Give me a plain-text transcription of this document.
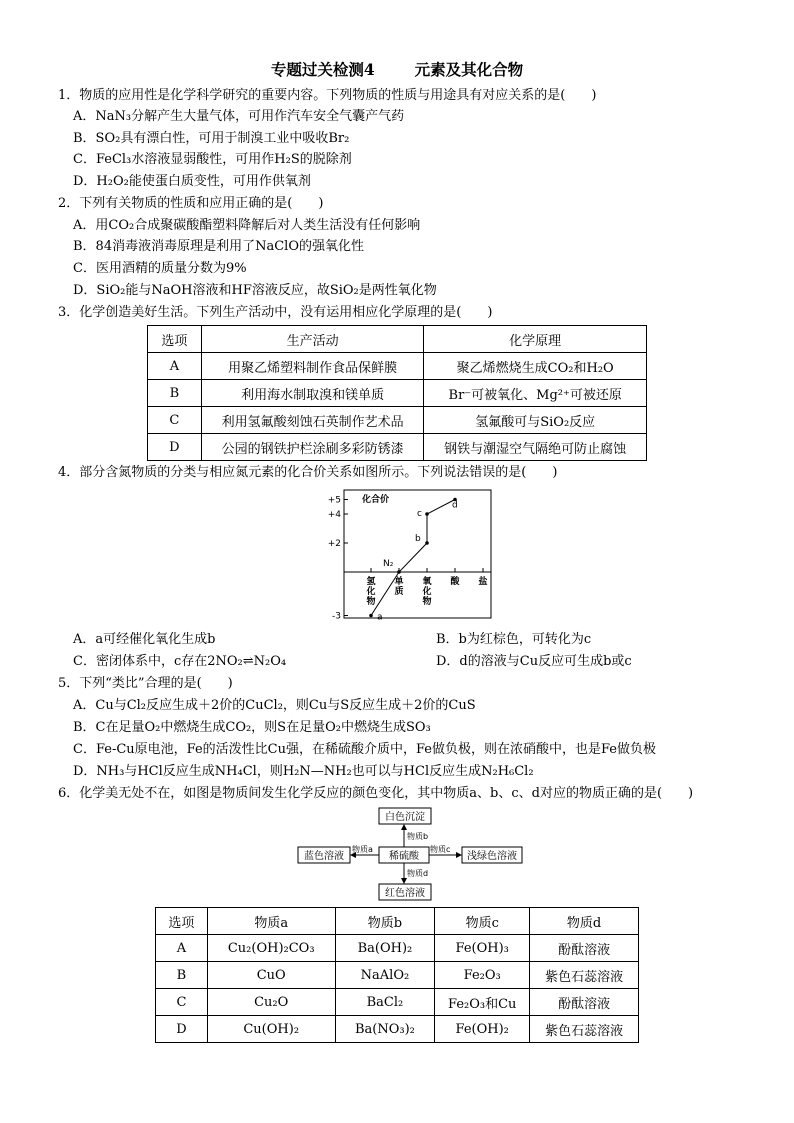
专题过关检测4	元素及其化合物
1．物质的应用性是化学科学研究的重要内容。下列物质的性质与用途具有对应关系的是(　　)
A．NaN₃分解产生大量气体，可用作汽车安全气囊产气药
B．SO₂具有漂白性，可用于制溴工业中吸收Br₂
C．FeCl₃水溶液显弱酸性，可用作H₂S的脱除剂
D．H₂O₂能使蛋白质变性，可用作供氧剂
2．下列有关物质的性质和应用正确的是(　　)
A．用CO₂合成聚碳酸酯塑料降解后对人类生活没有任何影响
B．84消毒液消毒原理是利用了NaClO的强氧化性
C．医用酒精的质量分数为9%
D．SiO₂能与NaOH溶液和HF溶液反应，故SiO₂是两性氧化物
3．化学创造美好生活。下列生产活动中，没有运用相应化学原理的是(　　)
选项	生产活动	化学原理
A	用聚乙烯塑料制作食品保鲜膜	聚乙烯燃烧生成CO₂和H₂O
B	利用海水制取溴和镁单质	Br⁻可被氧化、Mg²⁺可被还原
C	利用氢氟酸刻蚀石英制作艺术品	氢氟酸可与SiO₂反应
D	公园的钢铁护栏涂刷多彩防锈漆	钢铁与潮湿空气隔绝可防止腐蚀
4．部分含氮物质的分类与相应氮元素的化合价关系如图所示。下列说法错误的是(　　)
+5
+4
+2
-3
氢
化
物
单
质
氧
化
物
酸 盐
a
N₂
b
c
d
化合价
A．a可经催化氧化生成b	B．b为红棕色，可转化为c
C．密闭体系中，c存在2NO₂⇌N₂O₄	D．d的溶液与Cu反应可生成b或c
5．下列“类比”合理的是(　　)
A．Cu与Cl₂反应生成＋2价的CuCl₂，则Cu与S反应生成＋2价的CuS
B．C在足量O₂中燃烧生成CO₂，则S在足量O₂中燃烧生成SO₃
C．Fe-Cu原电池，Fe的活泼性比Cu强，在稀硫酸介质中，Fe做负极，则在浓硝酸中，也是Fe做负极
D．NH₃与HCl反应生成NH₄Cl，则H₂N—NH₂也可以与HCl反应生成N₂H₆Cl₂
6．化学美无处不在，如图是物质间发生化学反应的颜色变化，其中物质a、b、c、d对应的物质正确的是(　　)
白色沉淀
稀硫酸
蓝色溶液	浅绿色溶液
红色溶液
物质b
物质a	物质c
物质d
选项	物质a	物质b	物质c	物质d
A	Cu₂(OH)₂CO₃	Ba(OH)₂	Fe(OH)₃	酚酞溶液
B	CuO	NaAlO₂	Fe₂O₃	紫色石蕊溶液
C	Cu₂O	BaCl₂	Fe₂O₃和Cu	酚酞溶液
D	Cu(OH)₂	Ba(NO₃)₂	Fe(OH)₂	紫色石蕊溶液
